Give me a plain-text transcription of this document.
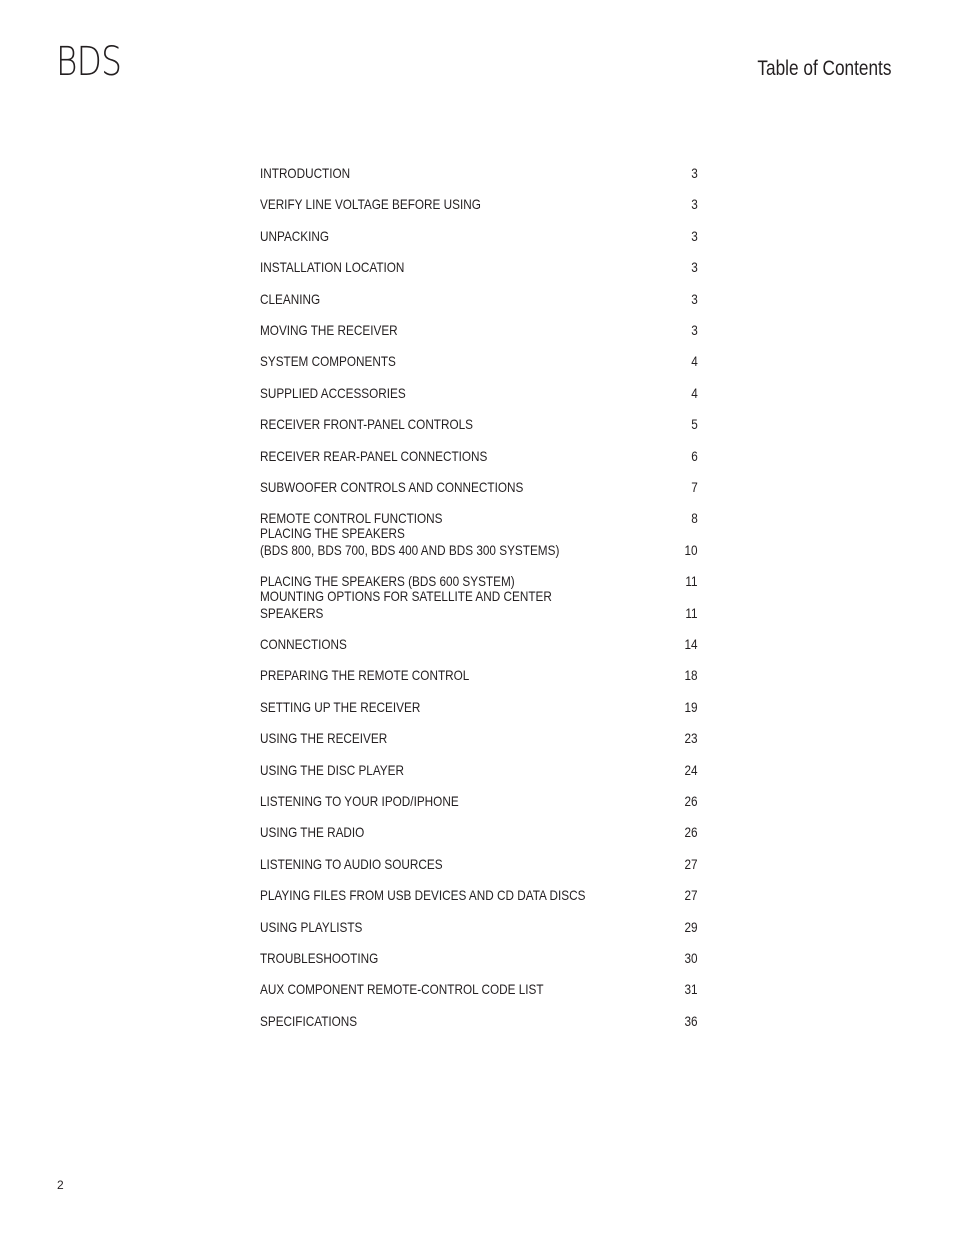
BDS	Table of Contents
INTRODUCTION	3
VERIFY LINE VOLTAGE BEFORE USING	3
UNPACKING	3
INSTALLATION LOCATION	3
CLEANING	3
MOVING THE RECEIVER	3
SYSTEM COMPONENTS	4
SUPPLIED ACCESSORIES	4
RECEIVER FRONT-PANEL CONTROLS	5
RECEIVER REAR-PANEL CONNECTIONS	6
SUBWOOFER CONTROLS AND CONNECTIONS	7
REMOTE CONTROL FUNCTIONS	8
PLACING THE SPEAKERS
(BDS 800, BDS 700, BDS 400 AND BDS 300 SYSTEMS)	10
PLACING THE SPEAKERS (BDS 600 SYSTEM)	11
MOUNTING OPTIONS FOR SATELLITE AND CENTER SPEAKERS	11
CONNECTIONS	14
PREPARING THE REMOTE CONTROL	18
SETTING UP THE RECEIVER	19
USING THE RECEIVER	23
USING THE DISC PLAYER	24
LISTENING TO YOUR IPOD/IPHONE	26
USING THE RADIO	26
LISTENING TO AUDIO SOURCES	27
PLAYING FILES FROM USB DEVICES AND CD DATA DISCS	27
USING PLAYLISTS	29
TROUBLESHOOTING	30
AUX COMPONENT REMOTE-CONTROL CODE LIST	31
SPECIFICATIONS	36
2
